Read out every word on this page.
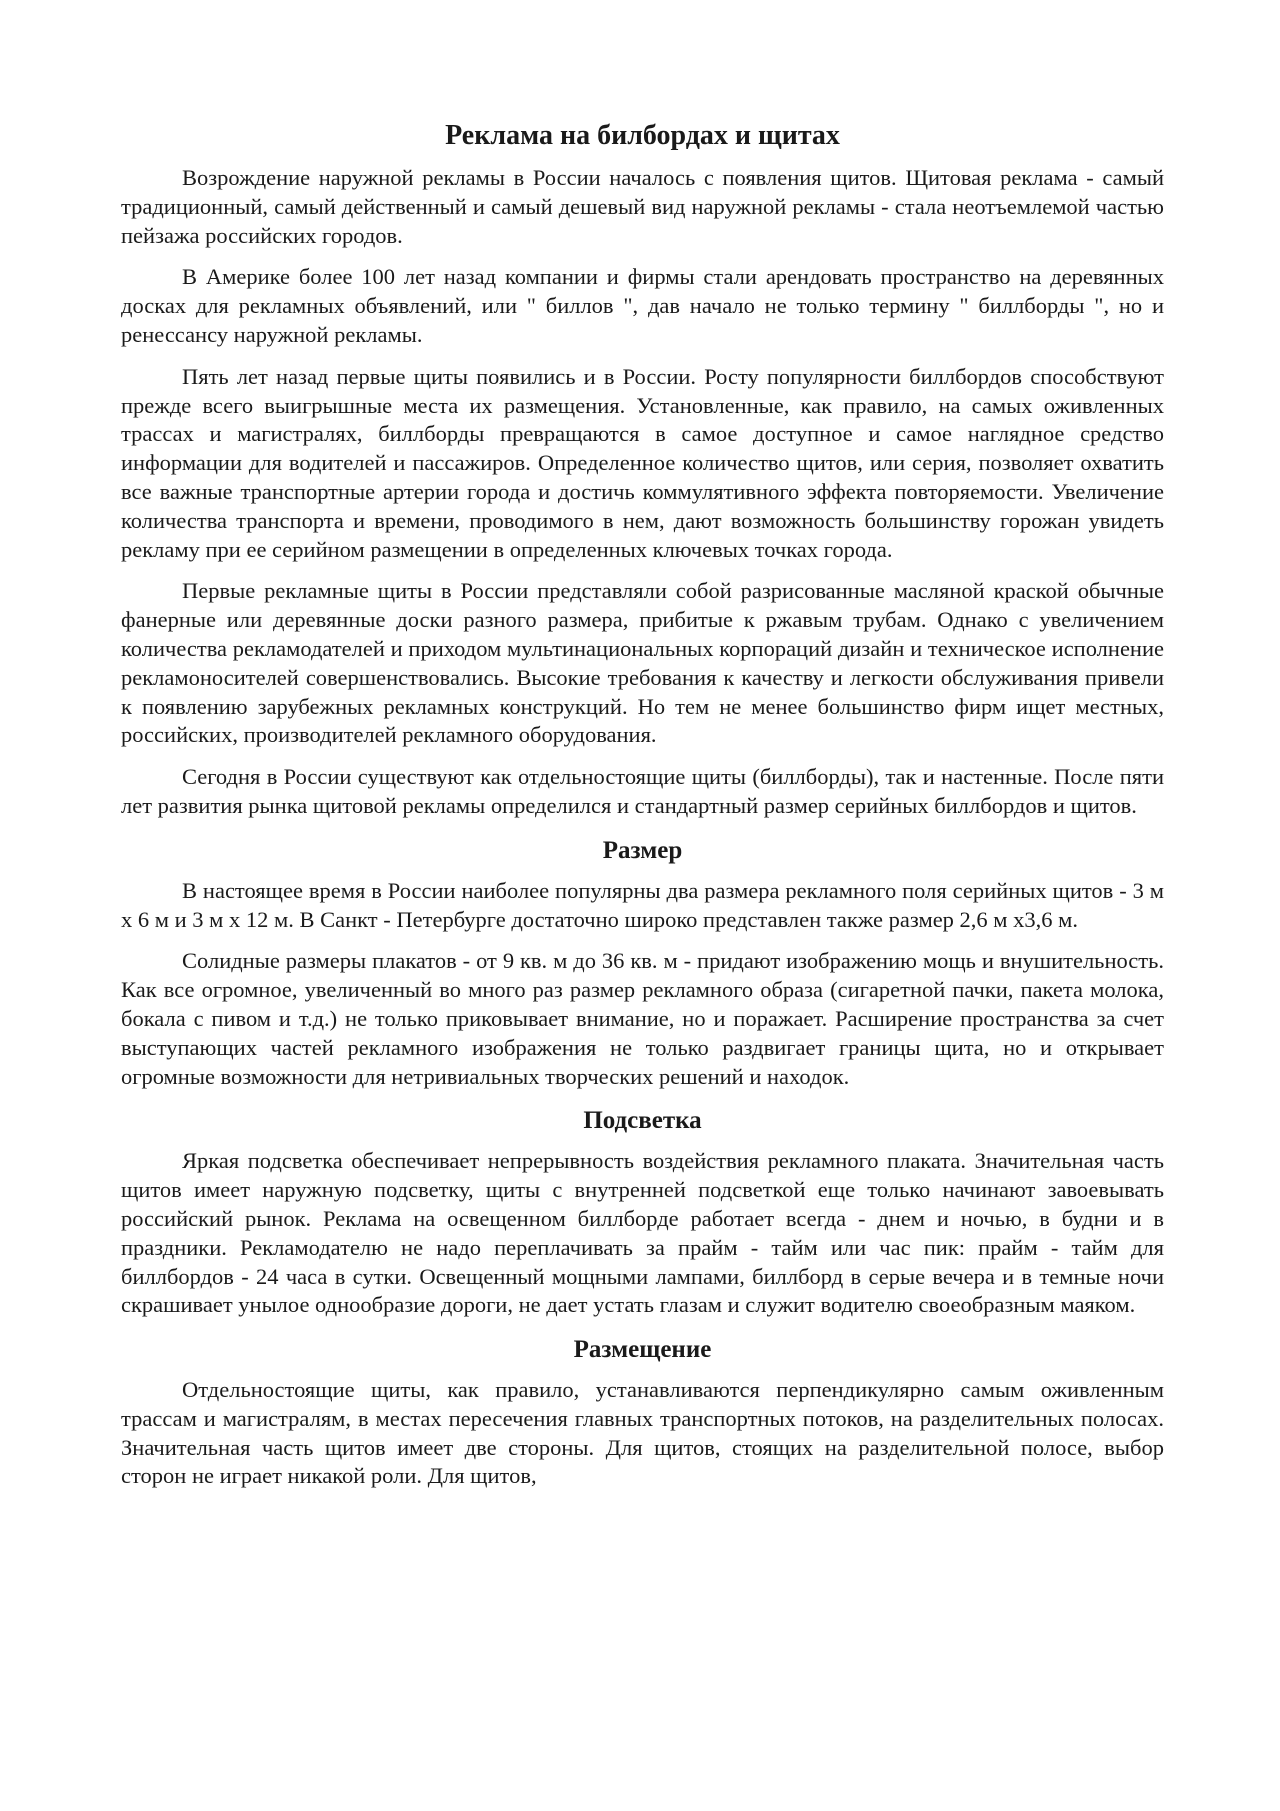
Реклама на билбордах и щитах

Возрождение наружной рекламы в России началось с появления щитов. Щитовая реклама - самый традиционный, самый действенный и самый дешевый вид наружной рекламы - стала неотъемлемой частью пейзажа российских городов.

В Америке более 100 лет назад компании и фирмы стали арендовать пространство на деревянных досках для рекламных объявлений, или " биллов ", дав начало не только термину " биллборды ", но и ренессансу наружной рекламы.

Пять лет назад первые щиты появились и в России. Росту популярности биллбордов способствуют прежде всего выигрышные места их размещения. Установленные, как правило, на самых оживленных трассах и магистралях, биллборды превращаются в самое доступное и самое наглядное средство информации для водителей и пассажиров. Определенное количество щитов, или серия, позволяет охватить все важные транспортные артерии города и достичь коммулятивного эффекта повторяемости. Увеличение количества транспорта и времени, проводимого в нем, дают возможность большинству горожан увидеть рекламу при ее серийном размещении в определенных ключевых точках города.

Первые рекламные щиты в России представляли собой разрисованные масляной краской обычные фанерные или деревянные доски разного размера, прибитые к ржавым трубам. Однако с увеличением количества рекламодателей и приходом мультинациональных корпораций дизайн и техническое исполнение рекламоносителей совершенствовались. Высокие требования к качеству и легкости обслуживания привели к появлению зарубежных рекламных конструкций. Но тем не менее большинство фирм ищет местных, российских, производителей рекламного оборудования.

Сегодня в России существуют как отдельностоящие щиты (биллборды), так и настенные. После пяти лет развития рынка щитовой рекламы определился и стандартный размер серийных биллбордов и щитов.

Размер

В настоящее время в России наиболее популярны два размера рекламного поля серийных щитов - 3 м х 6 м и 3 м х 12 м. В Санкт - Петербурге достаточно широко представлен также размер 2,6 м х3,6 м.

Солидные размеры плакатов - от 9 кв. м до 36 кв. м - придают изображению мощь и внушительность. Как все огромное, увеличенный во много раз размер рекламного образа (сигаретной пачки, пакета молока, бокала с пивом и т.д.) не только приковывает внимание, но и поражает. Расширение пространства за счет выступающих частей рекламного изображения не только раздвигает границы щита, но и открывает огромные возможности для нетривиальных творческих решений и находок.

Подсветка

Яркая подсветка обеспечивает непрерывность воздействия рекламного плаката. Значительная часть щитов имеет наружную подсветку, щиты с внутренней подсветкой еще только начинают завоевывать российский рынок. Реклама на освещенном биллборде работает всегда - днем и ночью, в будни и в праздники. Рекламодателю не надо переплачивать за прайм - тайм или час пик: прайм - тайм для биллбордов - 24 часа в сутки. Освещенный мощными лампами, биллборд в серые вечера и в темные ночи скрашивает унылое однообразие дороги, не дает устать глазам и служит водителю своеобразным маяком.

Размещение

Отдельностоящие щиты, как правило, устанавливаются перпендикулярно самым оживленным трассам и магистралям, в местах пересечения главных транспортных потоков, на разделительных полосах. Значительная часть щитов имеет две стороны. Для щитов, стоящих на разделительной полосе, выбор сторон не играет никакой роли. Для щитов,
